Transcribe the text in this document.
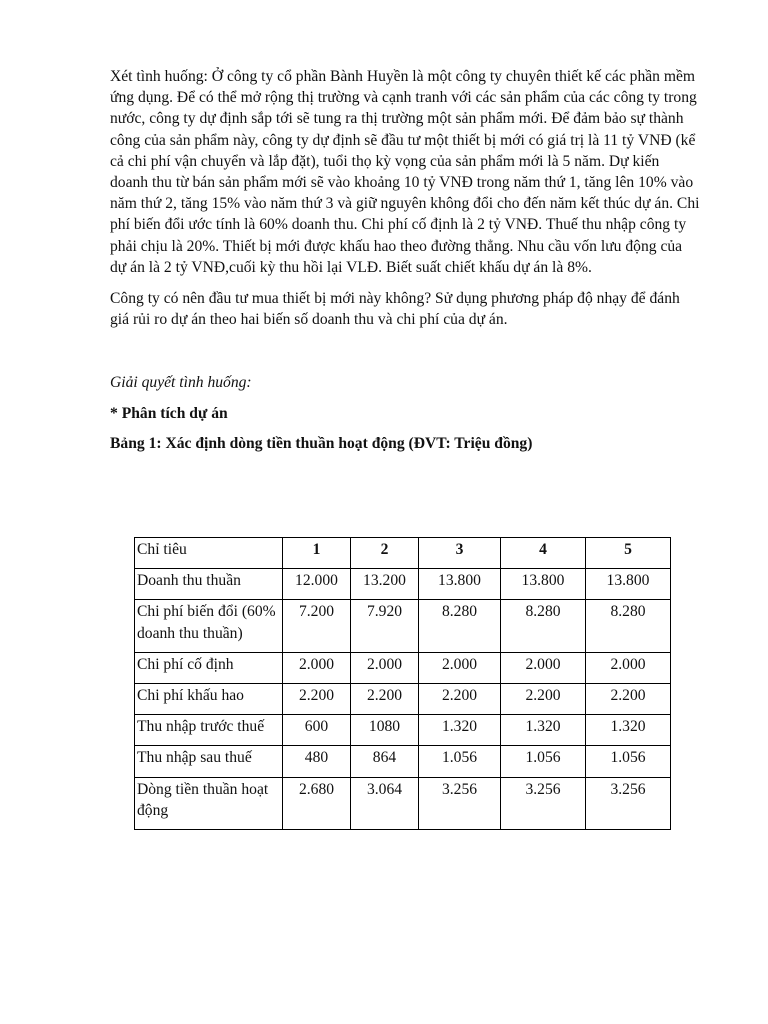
Xét tình huống: Ở công ty cổ phần Bành Huyền là một công ty chuyên thiết kế các phần mềm ứng dụng. Để có thể mở rộng thị trường và cạnh tranh với các sản phẩm của các công ty trong nước, công ty dự định sắp tới sẽ tung ra thị trường một sản phẩm mới. Để đảm bảo sự thành công của sản phẩm này, công ty dự định sẽ đầu tư một thiết bị mới có giá trị là 11 tỷ VNĐ (kể cả chi phí vận chuyển và lắp đặt), tuổi thọ kỳ vọng của sản phẩm mới là 5 năm. Dự kiến doanh thu từ bán sản phẩm mới sẽ vào khoảng 10 tỷ VNĐ trong năm thứ 1, tăng lên 10% vào năm thứ 2, tăng 15% vào năm thứ 3 và giữ nguyên không đổi cho đến năm kết thúc dự án. Chi phí biến đổi ước tính là 60% doanh thu. Chi phí cố định là 2 tỷ VNĐ. Thuế thu nhập công ty phải chịu là 20%. Thiết bị mới được khấu hao theo đường thẳng. Nhu cầu vốn lưu động của dự án là 2 tỷ VNĐ,cuối kỳ thu hồi lại VLĐ. Biết suất chiết khấu dự án là 8%.

Công ty có nên đầu tư mua thiết bị mới này không? Sử dụng phương pháp độ nhạy để đánh giá rủi ro dự án theo hai biến số doanh thu và chi phí của dự án.

Giải quyết tình huống:

* Phân tích dự án

Bảng 1: Xác định dòng tiền thuần hoạt động (ĐVT: Triệu đồng)

Chỉ tiêu	1	2	3	4	5
Doanh thu thuần	12.000	13.200	13.800	13.800	13.800
Chi phí biến đổi (60% doanh thu thuần)	7.200	7.920	8.280	8.280	8.280
Chi phí cố định	2.000	2.000	2.000	2.000	2.000
Chi phí khấu hao	2.200	2.200	2.200	2.200	2.200
Thu nhập trước thuế	600	1080	1.320	1.320	1.320
Thu nhập sau thuế	480	864	1.056	1.056	1.056
Dòng tiền thuần hoạt động	2.680	3.064	3.256	3.256	3.256
